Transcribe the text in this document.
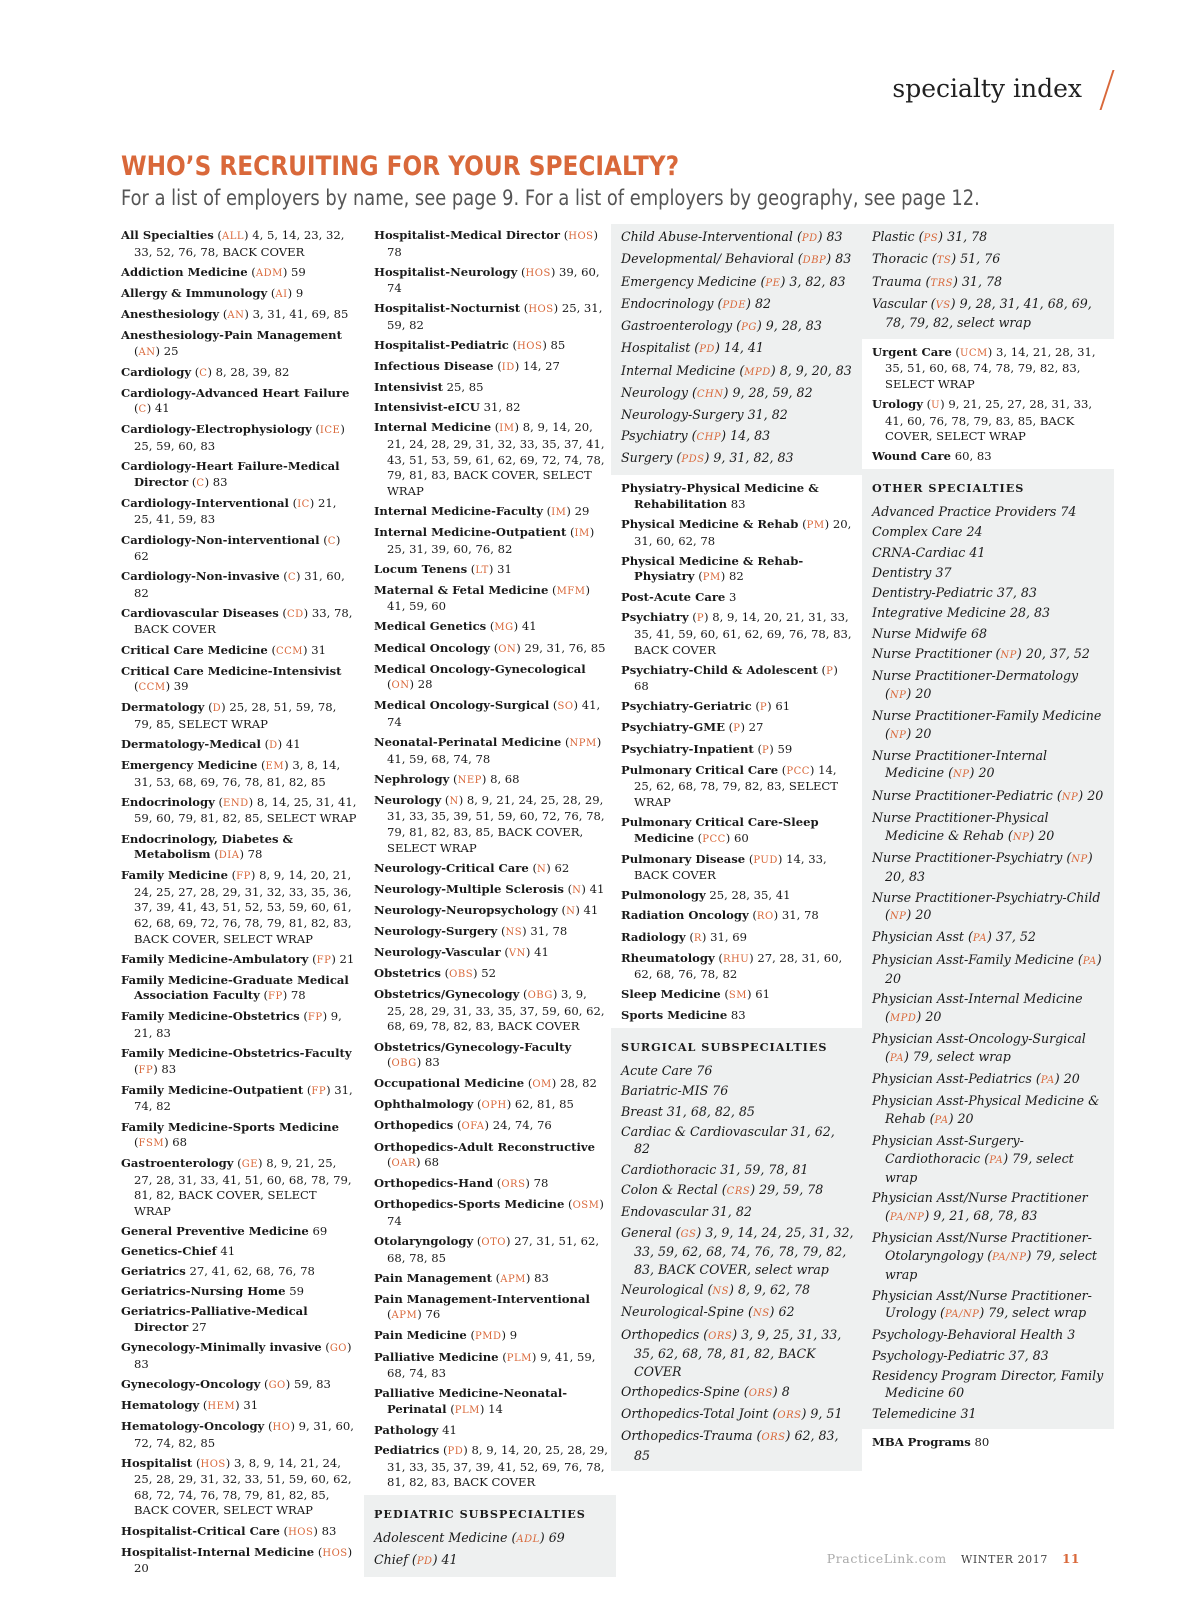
specialty index
WHO’S RECRUITING FOR YOUR SPECIALTY?
For a list of employers by name, see page 9. For a list of employers by geography, see page 12.
All Specialties (ALL) 4, 5, 14, 23, 32, 33, 52, 76, 78, BACK COVER
Addiction Medicine (ADM) 59
Allergy & Immunology (AI) 9
Anesthesiology (AN) 3, 31, 41, 69, 85
Anesthesiology-Pain Management (AN) 25
Cardiology (C) 8, 28, 39, 82
Cardiology-Advanced Heart Failure (C) 41
Cardiology-Electrophysiology (ICE) 25, 59, 60, 83
Cardiology-Heart Failure-Medical Director (C) 83
Cardiology-Interventional (IC) 21, 25, 41, 59, 83
Cardiology-Non-interventional (C) 62
Cardiology-Non-invasive (C) 31, 60, 82
Cardiovascular Diseases (CD) 33, 78, BACK COVER
Critical Care Medicine (CCM) 31
Critical Care Medicine-Intensivist (CCM) 39
Dermatology (D) 25, 28, 51, 59, 78, 79, 85, SELECT WRAP
Dermatology-Medical (D) 41
Emergency Medicine (EM) 3, 8, 14, 31, 53, 68, 69, 76, 78, 81, 82, 85
Endocrinology (END) 8, 14, 25, 31, 41, 59, 60, 79, 81, 82, 85, SELECT WRAP
Endocrinology, Diabetes & Metabolism (DIA) 78
Family Medicine (FP) 8, 9, 14, 20, 21, 24, 25, 27, 28, 29, 31, 32, 33, 35, 36, 37, 39, 41, 43, 51, 52, 53, 59, 60, 61, 62, 68, 69, 72, 76, 78, 79, 81, 82, 83, BACK COVER, SELECT WRAP
Family Medicine-Ambulatory (FP) 21
Family Medicine-Graduate Medical Association Faculty (FP) 78
Family Medicine-Obstetrics (FP) 9, 21, 83
Family Medicine-Obstetrics-Faculty (FP) 83
Family Medicine-Outpatient (FP) 31, 74, 82
Family Medicine-Sports Medicine (FSM) 68
Gastroenterology (GE) 8, 9, 21, 25, 27, 28, 31, 33, 41, 51, 60, 68, 78, 79, 81, 82, BACK COVER, SELECT WRAP
General Preventive Medicine 69
Genetics-Chief 41
Geriatrics 27, 41, 62, 68, 76, 78
Geriatrics-Nursing Home 59
Geriatrics-Palliative-Medical Director 27
Gynecology-Minimally invasive (GO) 83
Gynecology-Oncology (GO) 59, 83
Hematology (HEM) 31
Hematology-Oncology (HO) 9, 31, 60, 72, 74, 82, 85
Hospitalist (HOS) 3, 8, 9, 14, 21, 24, 25, 28, 29, 31, 32, 33, 51, 59, 60, 62, 68, 72, 74, 76, 78, 79, 81, 82, 85, BACK COVER, SELECT WRAP
Hospitalist-Critical Care (HOS) 83
Hospitalist-Internal Medicine (HOS) 20
Hospitalist-Medical Director (HOS) 78
Hospitalist-Neurology (HOS) 39, 60, 74
Hospitalist-Nocturnist (HOS) 25, 31, 59, 82
Hospitalist-Pediatric (HOS) 85
Infectious Disease (ID) 14, 27
Intensivist 25, 85
Intensivist-eICU 31, 82
Internal Medicine (IM) 8, 9, 14, 20, 21, 24, 28, 29, 31, 32, 33, 35, 37, 41, 43, 51, 53, 59, 61, 62, 69, 72, 74, 78, 79, 81, 83, BACK COVER, SELECT WRAP
Internal Medicine-Faculty (IM) 29
Internal Medicine-Outpatient (IM) 25, 31, 39, 60, 76, 82
Locum Tenens (LT) 31
Maternal & Fetal Medicine (MFM) 41, 59, 60
Medical Genetics (MG) 41
Medical Oncology (ON) 29, 31, 76, 85
Medical Oncology-Gynecological (ON) 28
Medical Oncology-Surgical (SO) 41, 74
Neonatal-Perinatal Medicine (NPM) 41, 59, 68, 74, 78
Nephrology (NEP) 8, 68
Neurology (N) 8, 9, 21, 24, 25, 28, 29, 31, 33, 35, 39, 51, 59, 60, 72, 76, 78, 79, 81, 82, 83, 85, BACK COVER, SELECT WRAP
Neurology-Critical Care (N) 62
Neurology-Multiple Sclerosis (N) 41
Neurology-Neuropsychology (N) 41
Neurology-Surgery (NS) 31, 78
Neurology-Vascular (VN) 41
Obstetrics (OBS) 52
Obstetrics/Gynecology (OBG) 3, 9, 25, 28, 29, 31, 33, 35, 37, 59, 60, 62, 68, 69, 78, 82, 83, BACK COVER
Obstetrics/Gynecology-Faculty (OBG) 83
Occupational Medicine (OM) 28, 82
Ophthalmology (OPH) 62, 81, 85
Orthopedics (OFA) 24, 74, 76
Orthopedics-Adult Reconstructive (OAR) 68
Orthopedics-Hand (ORS) 78
Orthopedics-Sports Medicine (OSM) 74
Otolaryngology (OTO) 27, 31, 51, 62, 68, 78, 85
Pain Management (APM) 83
Pain Management-Interventional (APM) 76
Pain Medicine (PMD) 9
Palliative Medicine (PLM) 9, 41, 59, 68, 74, 83
Palliative Medicine-Neonatal-Perinatal (PLM) 14
Pathology 41
Pediatrics (PD) 8, 9, 14, 20, 25, 28, 29, 31, 33, 35, 37, 39, 41, 52, 69, 76, 78, 81, 82, 83, BACK COVER
PEDIATRIC SUBSPECIALTIES
Adolescent Medicine (ADL) 69
Chief (PD) 41
Child Abuse-Interventional (PD) 83
Developmental/ Behavioral (DBP) 83
Emergency Medicine (PE) 3, 82, 83
Endocrinology (PDE) 82
Gastroenterology (PG) 9, 28, 83
Hospitalist (PD) 14, 41
Internal Medicine (MPD) 8, 9, 20, 83
Neurology (CHN) 9, 28, 59, 82
Neurology-Surgery 31, 82
Psychiatry (CHP) 14, 83
Surgery (PDS) 9, 31, 82, 83
Physiatry-Physical Medicine & Rehabilitation 83
Physical Medicine & Rehab (PM) 20, 31, 60, 62, 78
Physical Medicine & Rehab-Physiatry (PM) 82
Post-Acute Care 3
Psychiatry (P) 8, 9, 14, 20, 21, 31, 33, 35, 41, 59, 60, 61, 62, 69, 76, 78, 83, BACK COVER
Psychiatry-Child & Adolescent (P) 68
Psychiatry-Geriatric (P) 61
Psychiatry-GME (P) 27
Psychiatry-Inpatient (P) 59
Pulmonary Critical Care (PCC) 14, 25, 62, 68, 78, 79, 82, 83, SELECT WRAP
Pulmonary Critical Care-Sleep Medicine (PCC) 60
Pulmonary Disease (PUD) 14, 33, BACK COVER
Pulmonology 25, 28, 35, 41
Radiation Oncology (RO) 31, 78
Radiology (R) 31, 69
Rheumatology (RHU) 27, 28, 31, 60, 62, 68, 76, 78, 82
Sleep Medicine (SM) 61
Sports Medicine 83
SURGICAL SUBSPECIALTIES
Acute Care 76
Bariatric-MIS 76
Breast 31, 68, 82, 85
Cardiac & Cardiovascular 31, 62, 82
Cardiothoracic 31, 59, 78, 81
Colon & Rectal (CRS) 29, 59, 78
Endovascular 31, 82
General (GS) 3, 9, 14, 24, 25, 31, 32, 33, 59, 62, 68, 74, 76, 78, 79, 82, 83, BACK COVER, select wrap
Neurological (NS) 8, 9, 62, 78
Neurological-Spine (NS) 62
Orthopedics (ORS) 3, 9, 25, 31, 33, 35, 62, 68, 78, 81, 82, BACK COVER
Orthopedics-Spine (ORS) 8
Orthopedics-Total Joint (ORS) 9, 51
Orthopedics-Trauma (ORS) 62, 83, 85
Plastic (PS) 31, 78
Thoracic (TS) 51, 76
Trauma (TRS) 31, 78
Vascular (VS) 9, 28, 31, 41, 68, 69, 78, 79, 82, select wrap
Urgent Care (UCM) 3, 14, 21, 28, 31, 35, 51, 60, 68, 74, 78, 79, 82, 83, SELECT WRAP
Urology (U) 9, 21, 25, 27, 28, 31, 33, 41, 60, 76, 78, 79, 83, 85, BACK COVER, SELECT WRAP
Wound Care 60, 83
OTHER SPECIALTIES
Advanced Practice Providers 74
Complex Care 24
CRNA-Cardiac 41
Dentistry 37
Dentistry-Pediatric 37, 83
Integrative Medicine 28, 83
Nurse Midwife 68
Nurse Practitioner (NP) 20, 37, 52
Nurse Practitioner-Dermatology (NP) 20
Nurse Practitioner-Family Medicine (NP) 20
Nurse Practitioner-Internal Medicine (NP) 20
Nurse Practitioner-Pediatric (NP) 20
Nurse Practitioner-Physical Medicine & Rehab (NP) 20
Nurse Practitioner-Psychiatry (NP) 20, 83
Nurse Practitioner-Psychiatry-Child (NP) 20
Physician Asst (PA) 37, 52
Physician Asst-Family Medicine (PA) 20
Physician Asst-Internal Medicine (MPD) 20
Physician Asst-Oncology-Surgical (PA) 79, select wrap
Physician Asst-Pediatrics (PA) 20
Physician Asst-Physical Medicine & Rehab (PA) 20
Physician Asst-Surgery-Cardiothoracic (PA) 79, select wrap
Physician Asst/Nurse Practitioner (PA/NP) 9, 21, 68, 78, 83
Physician Asst/Nurse Practitioner-Otolaryngology (PA/NP) 79, select wrap
Physician Asst/Nurse Practitioner-Urology (PA/NP) 79, select wrap
Psychology-Behavioral Health 3
Psychology-Pediatric 37, 83
Residency Program Director, Family Medicine 60
Telemedicine 31
MBA Programs 80
PracticeLink.com WINTER 2017 11
